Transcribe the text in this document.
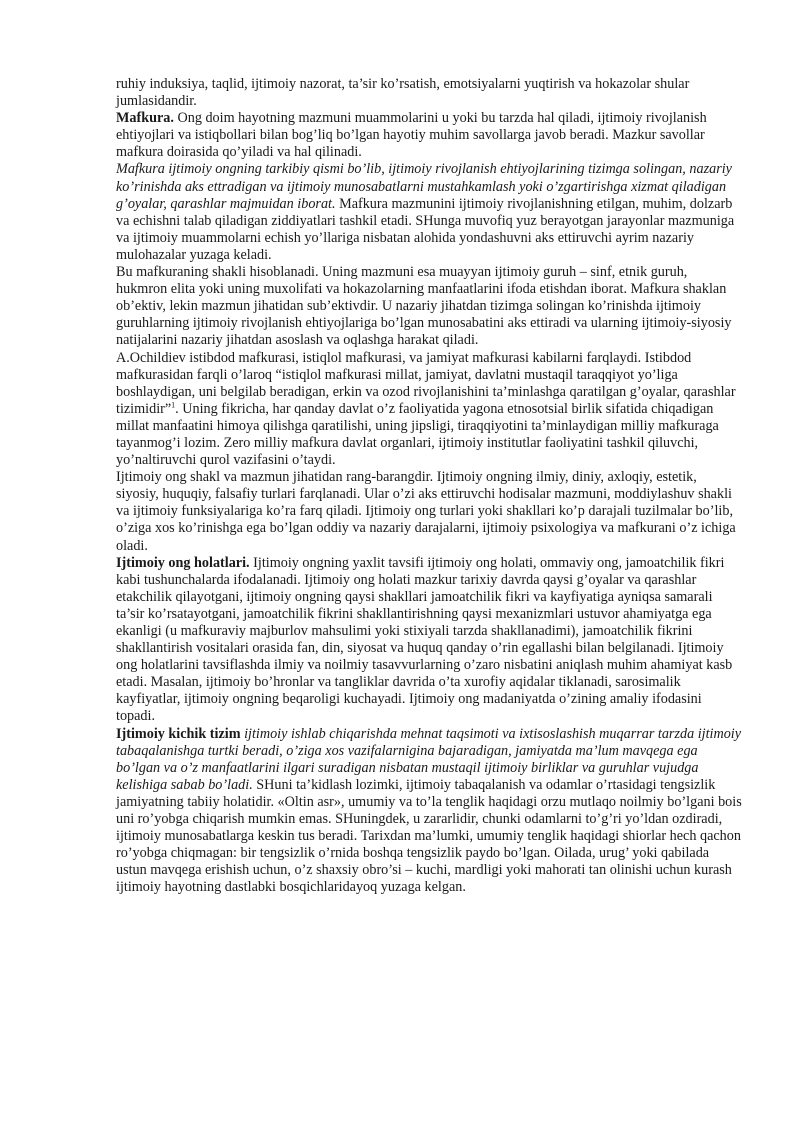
ruhiy induksiya, taqlid, ijtimoiy nazorat, ta’sir ko’rsatish, emotsiyalarni yuqtirish va hokazolar shular jumlasidandir.

Mafkura. Ong doim hayotning mazmuni muammolarini u yoki bu tarzda hal qiladi, ijtimoiy rivojlanish ehtiyojlari va istiqbollari bilan bog’liq bo’lgan hayotiy muhim savollarga javob beradi. Mazkur savollar mafkura doirasida qo’yiladi va hal qilinadi.

Mafkura ijtimoiy ongning tarkibiy qismi bo’lib, ijtimoiy rivojlanish ehtiyojlarining tizimga solingan, nazariy ko’rinishda aks ettradigan va ijtimoiy munosabatlarni mustahkamlash yoki o’zgartirishga xizmat qiladigan g’oyalar, qarashlar majmuidan iborat. Mafkura mazmunini ijtimoiy rivojlanishning etilgan, muhim, dolzarb va echishni talab qiladigan ziddiyatlari tashkil etadi. SHunga muvofiq yuz berayotgan jarayonlar mazmuniga va ijtimoiy muammolarni echish yo’llariga nisbatan alohida yondashuvni aks ettiruvchi ayrim nazariy mulohazalar yuzaga keladi.

Bu mafkuraning shakli hisoblanadi. Uning mazmuni esa muayyan ijtimoiy guruh – sinf, etnik guruh, hukmron elita yoki uning muxolifati va hokazolarning manfaatlarini ifoda etishdan iborat. Mafkura shaklan ob’ektiv, lekin mazmun jihatidan sub’ektivdir. U nazariy jihatdan tizimga solingan ko’rinishda ijtimoiy guruhlarning ijtimoiy rivojlanish ehtiyojlariga bo’lgan munosabatini aks ettiradi va ularning ijtimoiy-siyosiy natijalarini nazariy jihatdan asoslash va oqlashga harakat qiladi.

A.Ochildiev istibdod mafkurasi, istiqlol mafkurasi, va jamiyat mafkurasi kabilarni farqlaydi. Istibdod mafkurasidan farqli o’laroq “istiqlol mafkurasi millat, jamiyat, davlatni mustaqil taraqqiyot yo’liga boshlaydigan, uni belgilab beradigan, erkin va ozod rivojlanishini ta’minlashga qaratilgan g’oyalar, qarashlar tizimidir”$^1$. Uning fikricha, har qanday davlat o’z faoliyatida yagona etnosotsial birlik sifatida chiqadigan millat manfaatini himoya qilishga qaratilishi, uning jipsligi, tiraqqiyotini ta’minlaydigan milliy mafkuraga tayanmog’i lozim. Zero milliy mafkura davlat organlari, ijtimoiy institutlar faoliyatini tashkil qiluvchi, yo’naltiruvchi qurol vazifasini o’taydi.

Ijtimoiy ong shakl va mazmun jihatidan rang-barangdir. Ijtimoiy ongning ilmiy, diniy, axloqiy, estetik, siyosiy, huquqiy, falsafiy turlari farqlanadi. Ular o’zi aks ettiruvchi hodisalar mazmuni, moddiylashuv shakli va ijtimoiy funksiyalariga ko’ra farq qiladi. Ijtimoiy ong turlari yoki shakllari ko’p darajali tuzilmalar bo’lib, o’ziga xos ko’rinishga ega bo’lgan oddiy va nazariy darajalarni, ijtimoiy psixologiya va mafkurani o’z ichiga oladi.

Ijtimoiy ong holatlari. Ijtimoiy ongning yaxlit tavsifi ijtimoiy ong holati, ommaviy ong, jamoatchilik fikri kabi tushunchalarda ifodalanadi. Ijtimoiy ong holati mazkur tarixiy davrda qaysi g’oyalar va qarashlar etakchilik qilayotgani, ijtimoiy ongning qaysi shakllari jamoatchilik fikri va kayfiyatiga ayniqsa samarali ta’sir ko’rsatayotgani, jamoatchilik fikrini shakllantirishning qaysi mexanizmlari ustuvor ahamiyatga ega ekanligi (u mafkuraviy majburlov mahsulimi yoki stixiyali tarzda shakllanadimi), jamoatchilik fikrini shakllantirish vositalari orasida fan, din, siyosat va huquq qanday o’rin egallashi bilan belgilanadi. Ijtimoiy ong holatlarini tavsiflashda ilmiy va noilmiy tasavvurlarning o’zaro nisbatini aniqlash muhim ahamiyat kasb etadi. Masalan, ijtimoiy bo’hronlar va tangliklar davrida o’ta xurofiy aqidalar tiklanadi, sarosimalik kayfiyatlar, ijtimoiy ongning beqaroligi kuchayadi. Ijtimoiy ong madaniyatda o’zining amaliy ifodasini topadi.

Ijtimoiy kichik tizim ijtimoiy ishlab chiqarishda mehnat taqsimoti va ixtisoslashish muqarrar tarzda ijtimoiy tabaqalanishga turtki beradi, o’ziga xos vazifalarnigina bajaradigan, jamiyatda ma’lum mavqega ega bo’lgan va o’z manfaatlarini ilgari suradigan nisbatan mustaqil ijtimoiy birliklar va guruhlar vujudga kelishiga sabab bo’ladi. SHuni ta’kidlash lozimki, ijtimoiy tabaqalanish va odamlar o’rtasidagi tengsizlik jamiyatning tabiiy holatidir. «Oltin asr», umumiy va to’la tenglik haqidagi orzu mutlaqo noilmiy bo’lgani bois uni ro’yobga chiqarish mumkin emas. SHuningdek, u zararlidir, chunki odamlarni to’g’ri yo’ldan ozdiradi, ijtimoiy munosabatlarga keskin tus beradi. Tarixdan ma’lumki, umumiy tenglik haqidagi shiorlar hech qachon ro’yobga chiqmagan: bir tengsizlik o’rnida boshqa tengsizlik paydo bo’lgan. Oilada, urug’ yoki qabilada ustun mavqega erishish uchun, o’z shaxsiy obro’si – kuchi, mardligi yoki mahorati tan olinishi uchun kurash ijtimoiy hayotning dastlabki bosqichlaridayoq yuzaga kelgan.
